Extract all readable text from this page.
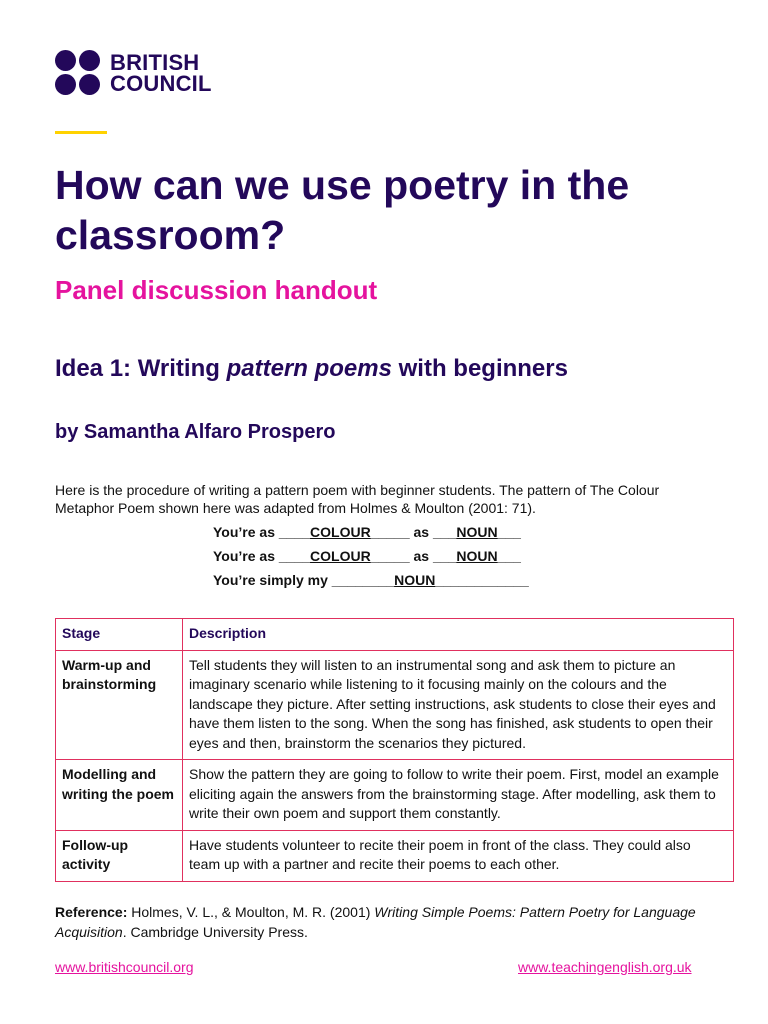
BRITISH
COUNCIL
How can we use poetry in the classroom?
Panel discussion handout
Idea 1: Writing pattern poems with beginners
by Samantha Alfaro Prospero
Here is the procedure of writing a pattern poem with beginner students. The pattern of The Colour Metaphor Poem shown here was adapted from Holmes & Moulton (2001: 71).
You’re as ____COLOUR_____ as ___NOUN___
You’re as ____COLOUR_____ as ___NOUN___
You’re simply my ________NOUN____________
Stage	Description
Warm-up and brainstorming	Tell students they will listen to an instrumental song and ask them to picture an imaginary scenario while listening to it focusing mainly on the colours and the landscape they picture. After setting instructions, ask students to close their eyes and have them listen to the song. When the song has finished, ask students to open their eyes and then, brainstorm the scenarios they pictured.
Modelling and writing the poem	Show the pattern they are going to follow to write their poem. First, model an example eliciting again the answers from the brainstorming stage. After modelling, ask them to write their own poem and support them constantly.
Follow-up activity	Have students volunteer to recite their poem in front of the class. They could also team up with a partner and recite their poems to each other.
Reference: Holmes, V. L., & Moulton, M. R. (2001) Writing Simple Poems: Pattern Poetry for Language Acquisition. Cambridge University Press.
www.britishcouncil.org	www.teachingenglish.org.uk
